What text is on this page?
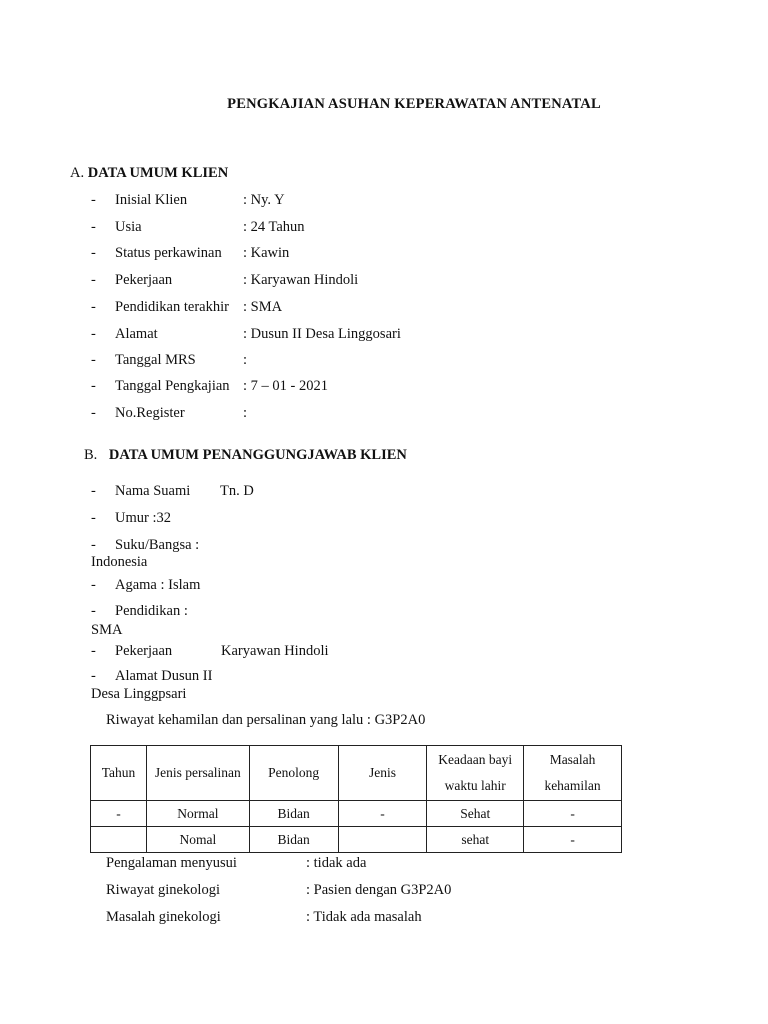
PENGKAJIAN ASUHAN KEPERAWATAN ANTENATAL
A. DATA UMUM KLIEN
- Inisial Klien	: Ny. Y
- Usia	: 24 Tahun
- Status perkawinan : Kawin
- Pekerjaan	: Karyawan Hindoli
- Pendidikan terakhir : SMA
- Alamat	: Dusun II Desa Linggosari
- Tanggal MRS	:
- Tanggal Pengkajian : 7 – 01 - 2021
- No.Register	:
B. DATA UMUM PENANGGUNGJAWAB KLIEN
- Nama Suami Tn. D
- Umur :32
- Suku/Bangsa :
Indonesia
- Agama : Islam
- Pendidikan :
SMA
- Pekerjaan	Karyawan Hindoli
- Alamat Dusun II
Desa Linggpsari
Riwayat kehamilan dan persalinan yang lalu : G3P2A0
Tahun	Jenis persalinan	Penolong	Jenis	Keadaan bayi waktu lahir	Masalah kehamilan
-	Normal	Bidan	-	Sehat	-
	Nomal	Bidan		sehat	-
Pengalaman menyusui	: tidak ada
Riwayat ginekologi	: Pasien dengan G3P2A0
Masalah ginekologi	: Tidak ada masalah
